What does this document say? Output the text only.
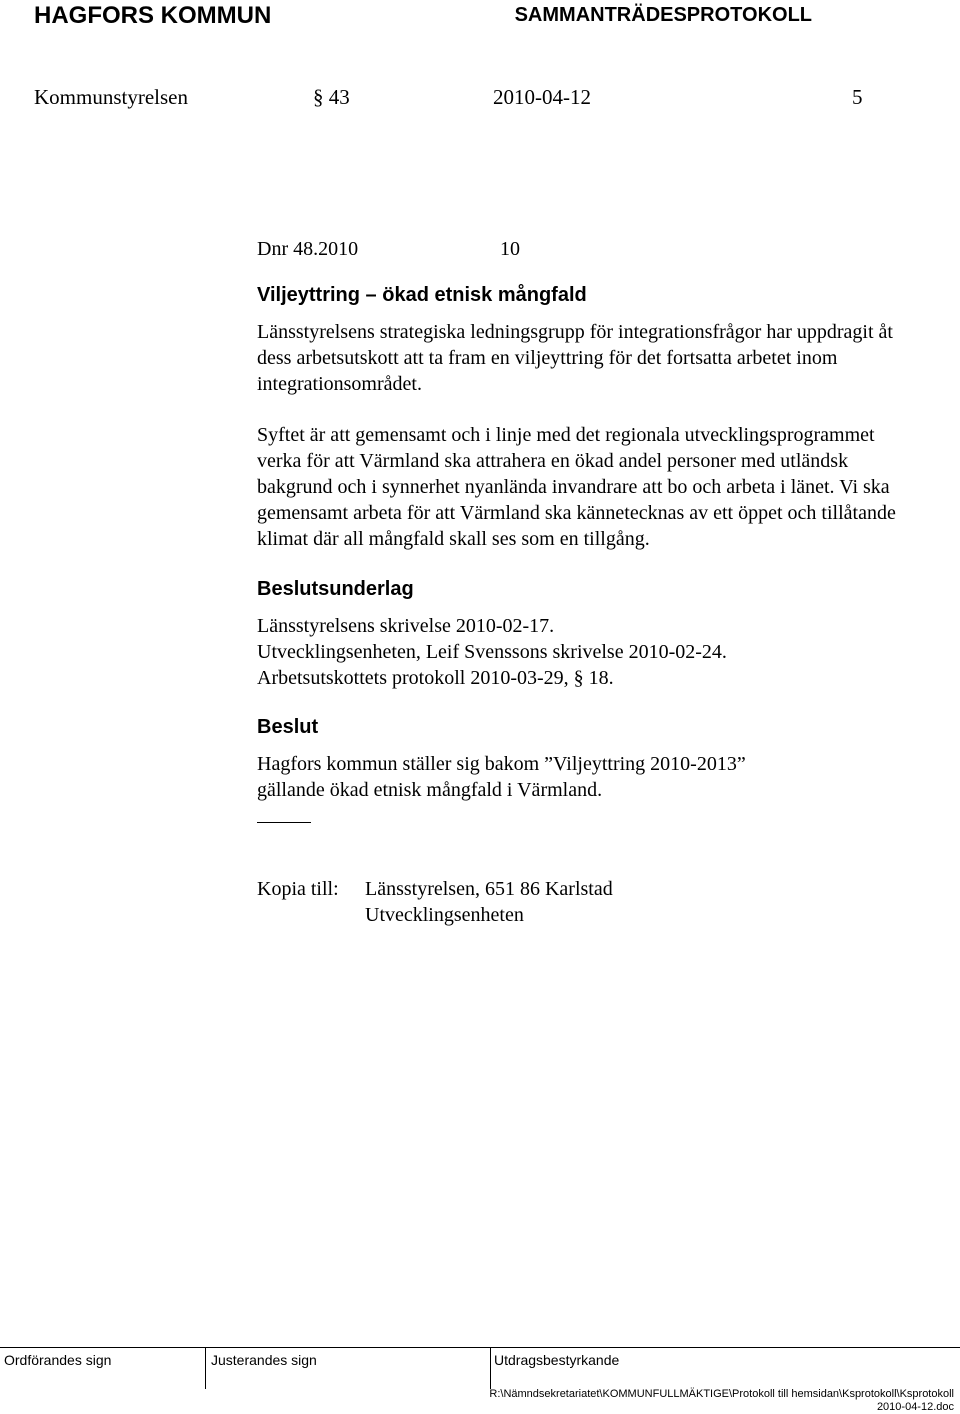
HAGFORS KOMMUN	SAMMANTRÄDESPROTOKOLL
Kommunstyrelsen	§ 43	2010-04-12	5
Dnr 48.2010	10
Viljeyttring – ökad etnisk mångfald
Länsstyrelsens strategiska ledningsgrupp för integrationsfrågor har uppdragit åt
dess arbetsutskott att ta fram en viljeyttring för det fortsatta arbetet inom
integrationsområdet.
Syftet är att gemensamt och i linje med det regionala utvecklingsprogrammet
verka för att Värmland ska attrahera en ökad andel personer med utländsk
bakgrund och i synnerhet nyanlända invandrare att bo och arbeta i länet. Vi ska
gemensamt arbeta för att Värmland ska kännetecknas av ett öppet och tillåtande
klimat där all mångfald skall ses som en tillgång.
Beslutsunderlag
Länsstyrelsens skrivelse 2010-02-17.
Utvecklingsenheten, Leif Svenssons skrivelse 2010-02-24.
Arbetsutskottets protokoll 2010-03-29, § 18.
Beslut
Hagfors kommun ställer sig bakom ”Viljeyttring 2010-2013”
gällande ökad etnisk mångfald i Värmland.
Kopia till: Länsstyrelsen, 651 86 Karlstad
Utvecklingsenheten
Ordförandes sign	Justerandes sign	Utdragsbestyrkande
R:\Nämndsekretariatet\KOMMUNFULLMÄKTIGE\Protokoll till hemsidan\Ksprotokoll\Ksprotokoll
2010-04-12.doc
